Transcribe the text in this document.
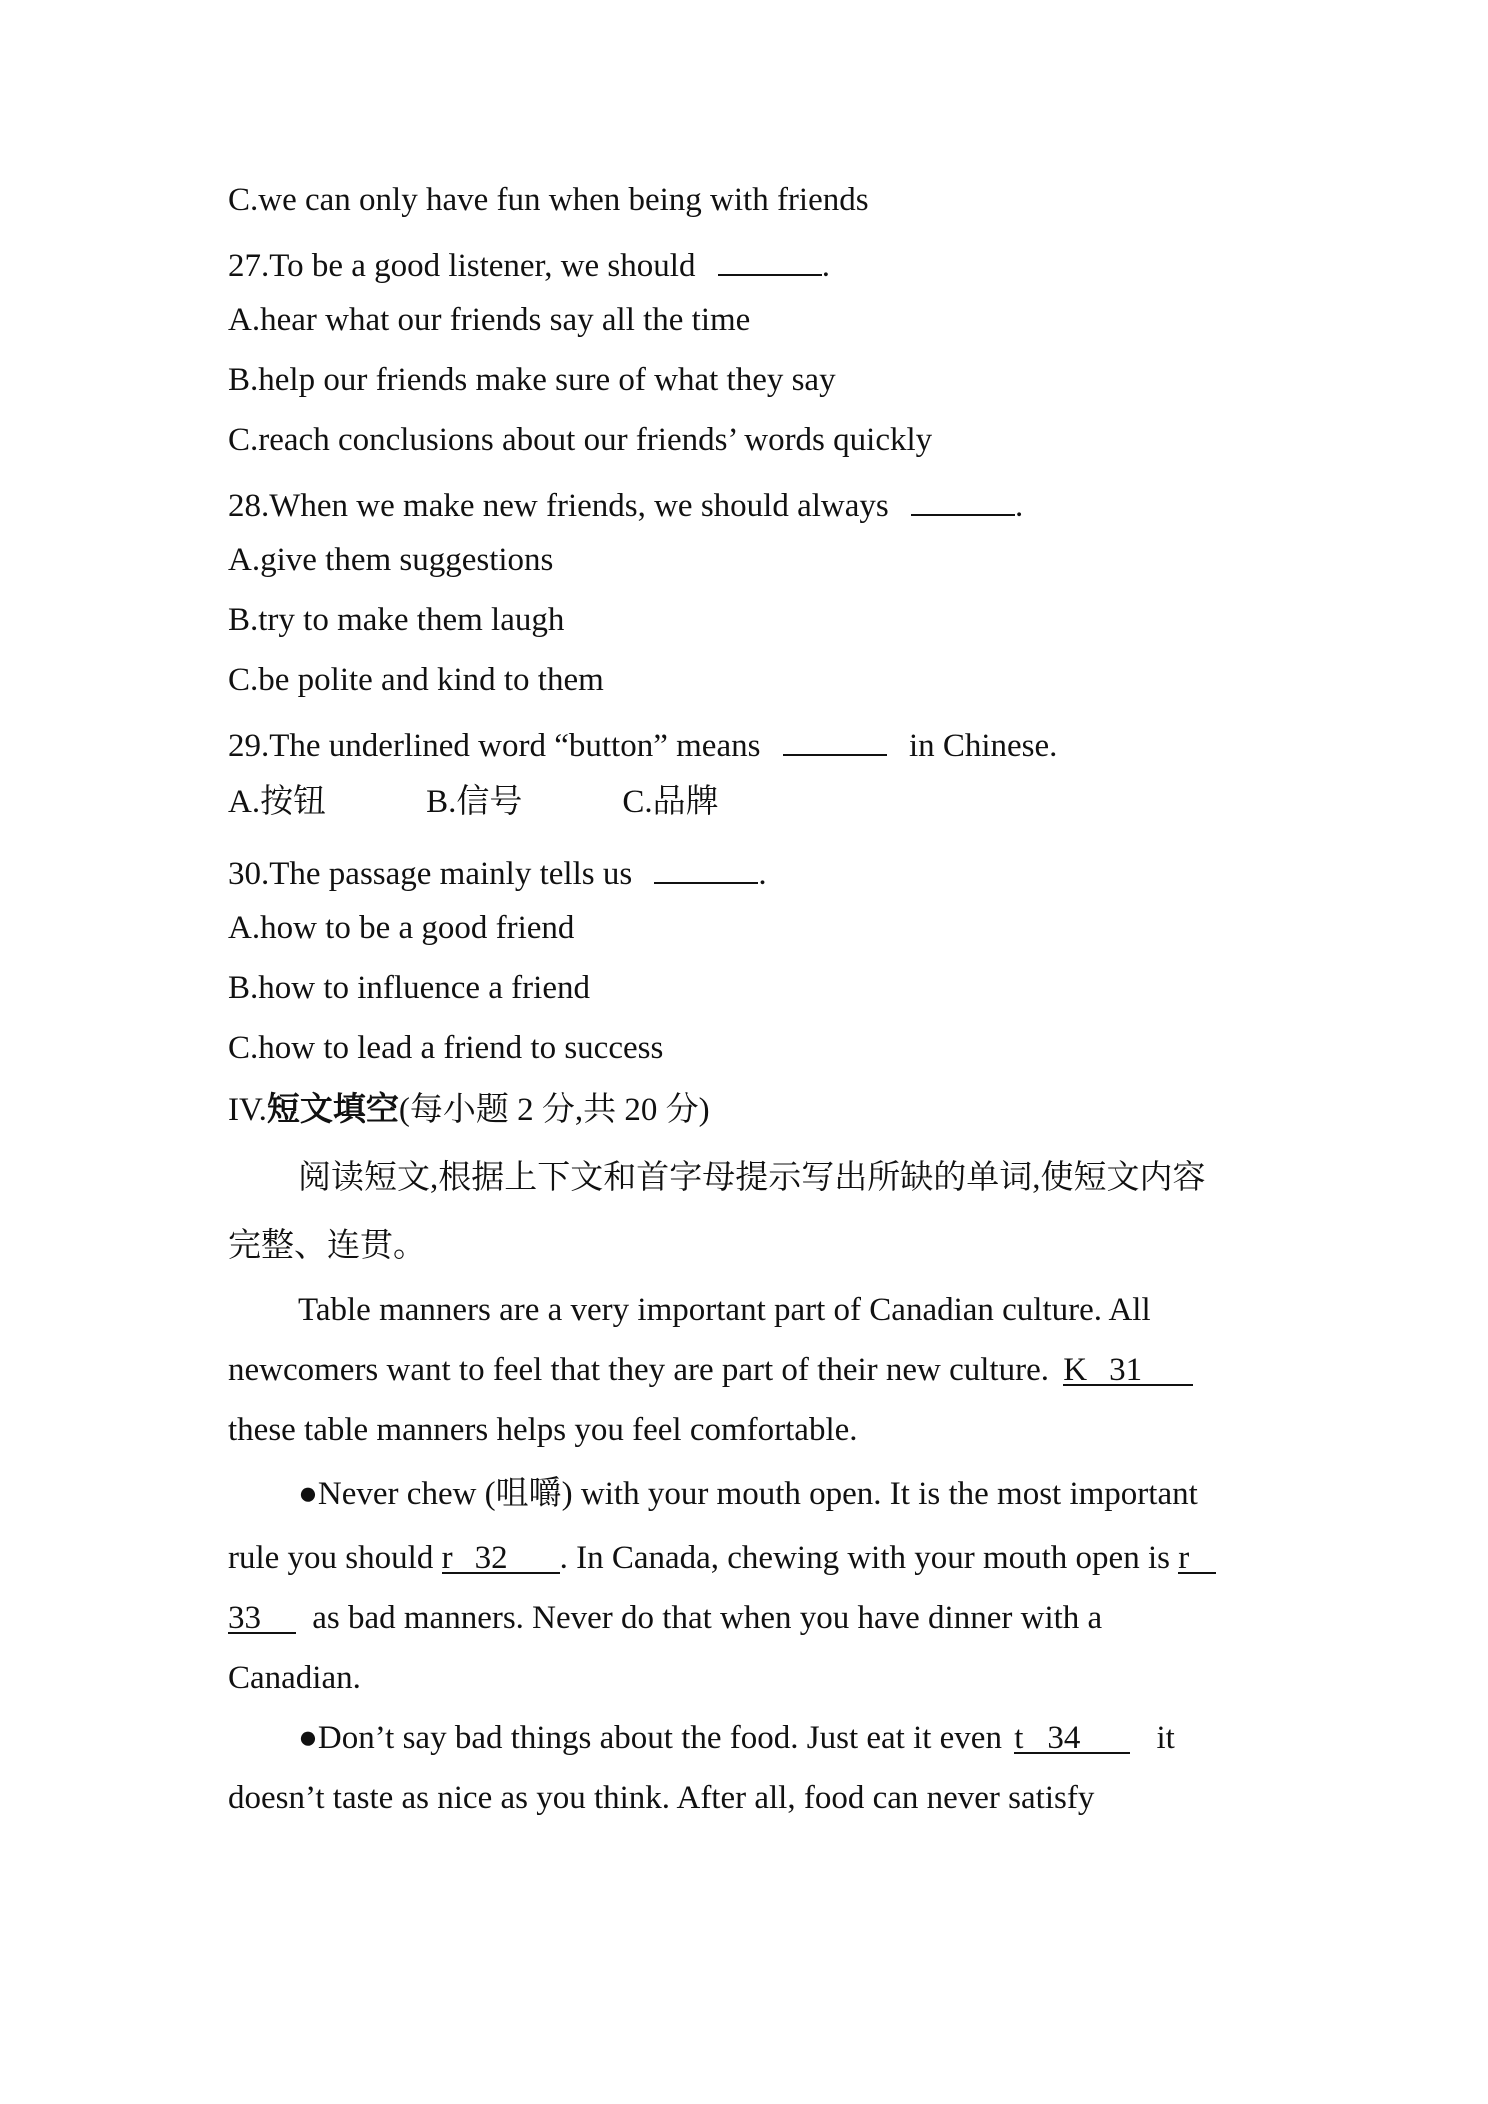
C.we can only have fun when being with friends
27.To be a good listener, we should	.
A.hear what our friends say all the time
B.help our friends make sure of what they say
C.reach conclusions about our friends’ words quickly
28.When we make new friends, we should always	.
A.give them suggestions
B.try to make them laugh
C.be polite and kind to them
29.The underlined word “button” means	in Chinese.
A.按钮	B.信号	C.品牌
30.The passage mainly tells us	.
A.how to be a good friend
B.how to influence a friend
C.how to lead a friend to success
IV.短文填空(每小题 2 分,共 20 分)
阅读短文,根据上下文和首字母提示写出所缺的单词,使短文内容
完整、连贯。
Table manners are a very important part of Canadian culture. All
newcomers want to feel that they are part of their new culture. K 31
these table manners helps you feel comfortable.
●Never chew (咀嚼) with your mouth open. It is the most important
rule you should r 32 . In Canada, chewing with your mouth open is r
33 as bad manners. Never do that when you have dinner with a
Canadian.
●Don’t say bad things about the food. Just eat it even t 34 it
doesn’t taste as nice as you think. After all, food can never satisfy
